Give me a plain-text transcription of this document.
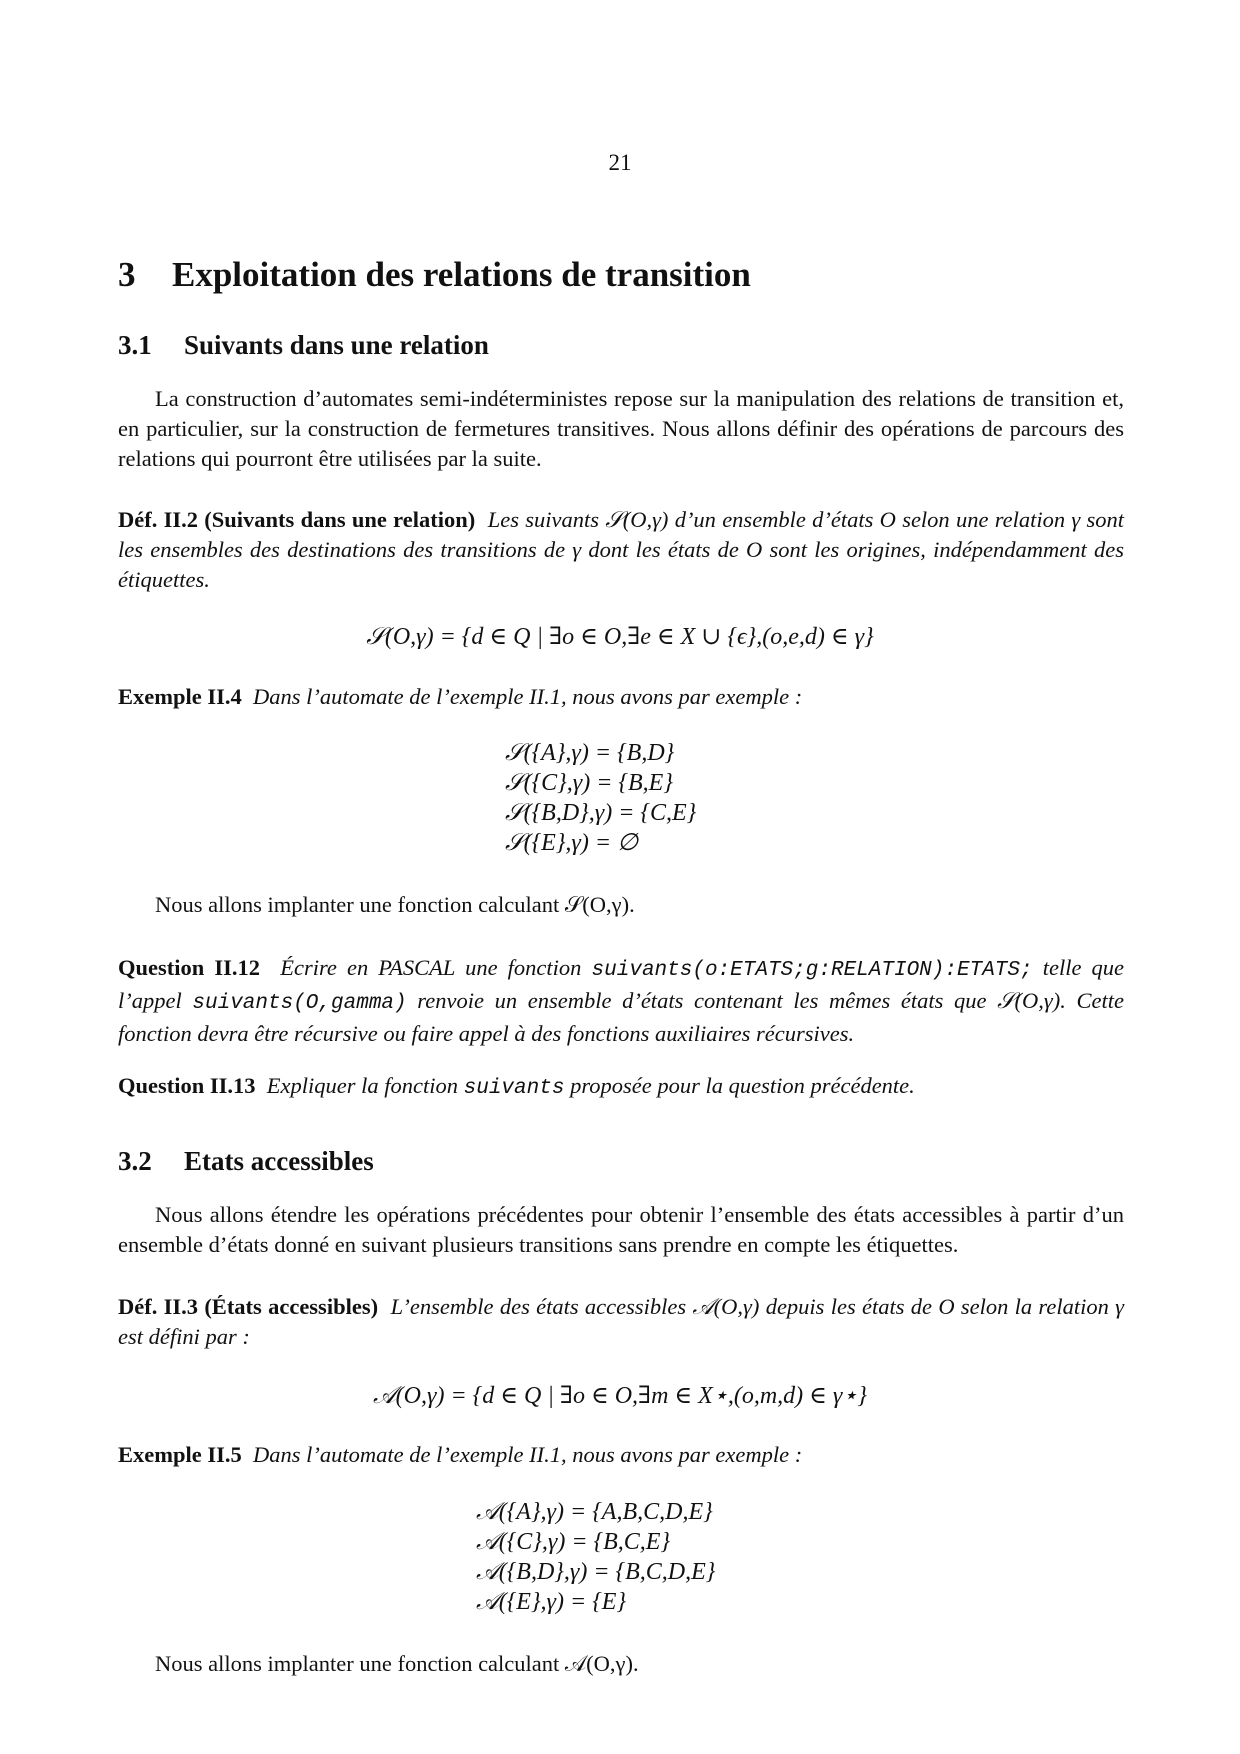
21
3 Exploitation des relations de transition
3.1 Suivants dans une relation

La construction d’automates semi-indéterministes repose sur la manipulation des relations de transition et, en particulier, sur la construction de fermetures transitives. Nous allons définir des opérations de parcours des relations qui pourront être utilisées par la suite.

Déf. II.2 (Suivants dans une relation) Les suivants 𝒮(O,γ) d’un ensemble d’états O selon une relation γ sont les ensembles des destinations des transitions de γ dont les états de O sont les origines, indépendamment des étiquettes.

𝒮(O,γ) = {d ∈ Q | ∃o ∈ O,∃e ∈ X ∪ {ϵ},(o,e,d) ∈ γ}

Exemple II.4 Dans l’automate de l’exemple II.1, nous avons par exemple :

𝒮({A},γ) = {B,D}
𝒮({C},γ) = {B,E}
𝒮({B,D},γ) = {C,E}
𝒮({E},γ) = ∅

Nous allons implanter une fonction calculant 𝒮(O,γ).

Question II.12 Écrire en PASCAL une fonction suivants(o:ETATS;g:RELATION):ETATS; telle que l’appel suivants(O,gamma) renvoie un ensemble d’états contenant les mêmes états que 𝒮(O,γ). Cette fonction devra être récursive ou faire appel à des fonctions auxiliaires récursives.

Question II.13 Expliquer la fonction suivants proposée pour la question précédente.

3.2 Etats accessibles

Nous allons étendre les opérations précédentes pour obtenir l’ensemble des états accessibles à partir d’un ensemble d’états donné en suivant plusieurs transitions sans prendre en compte les étiquettes.

Déf. II.3 (États accessibles) L’ensemble des états accessibles 𝒜(O,γ) depuis les états de O selon la relation γ est défini par :

𝒜(O,γ) = {d ∈ Q | ∃o ∈ O,∃m ∈ X⋆,(o,m,d) ∈ γ⋆}

Exemple II.5 Dans l’automate de l’exemple II.1, nous avons par exemple :

𝒜({A},γ) = {A,B,C,D,E}
𝒜({C},γ) = {B,C,E}
𝒜({B,D},γ) = {B,C,D,E}
𝒜({E},γ) = {E}

Nous allons implanter une fonction calculant 𝒜(O,γ).
